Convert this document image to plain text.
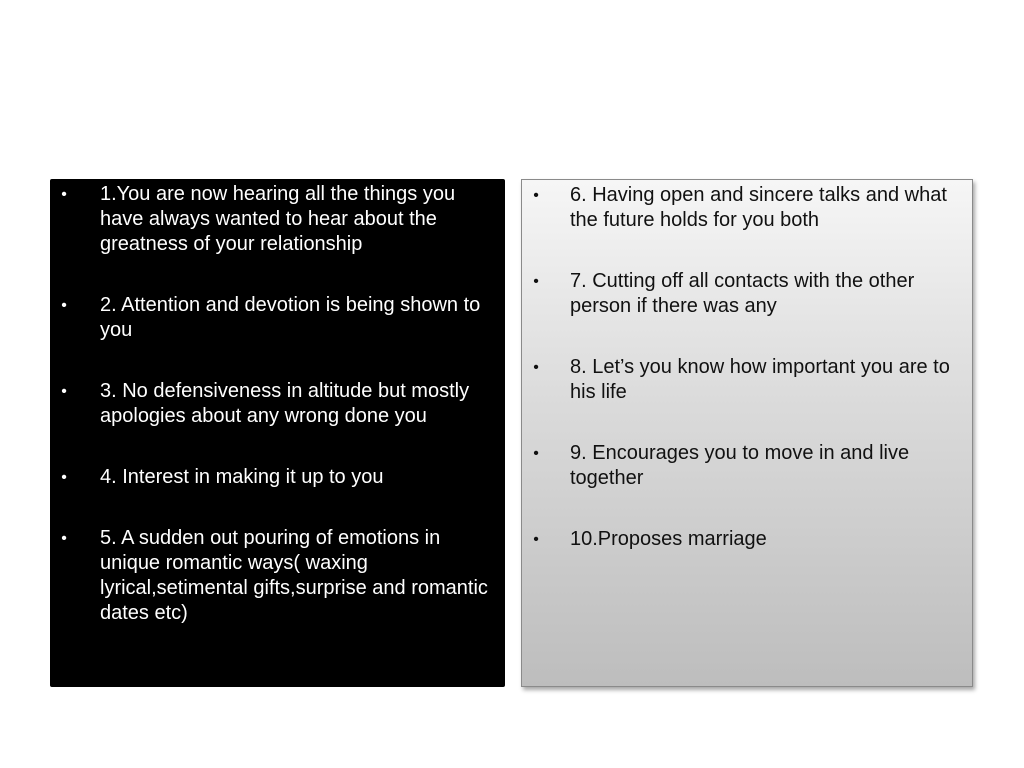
•	1.You are now hearing all the things you have always wanted to hear about the greatness of your relationship
•	2. Attention and devotion is being shown to you
•	3. No defensiveness in altitude but mostly apologies about any wrong done you
•	4. Interest in making it up to you
•	5. A sudden out pouring of emotions in unique romantic ways( waxing lyrical,setimental gifts,surprise and romantic dates etc)
•	6. Having open and sincere talks and what the future holds for you both
•	7. Cutting off all contacts with the other person if there was any
•	8. Let’s you know how important you are to his life
•	9. Encourages you to move in and live together
•	10.Proposes marriage
